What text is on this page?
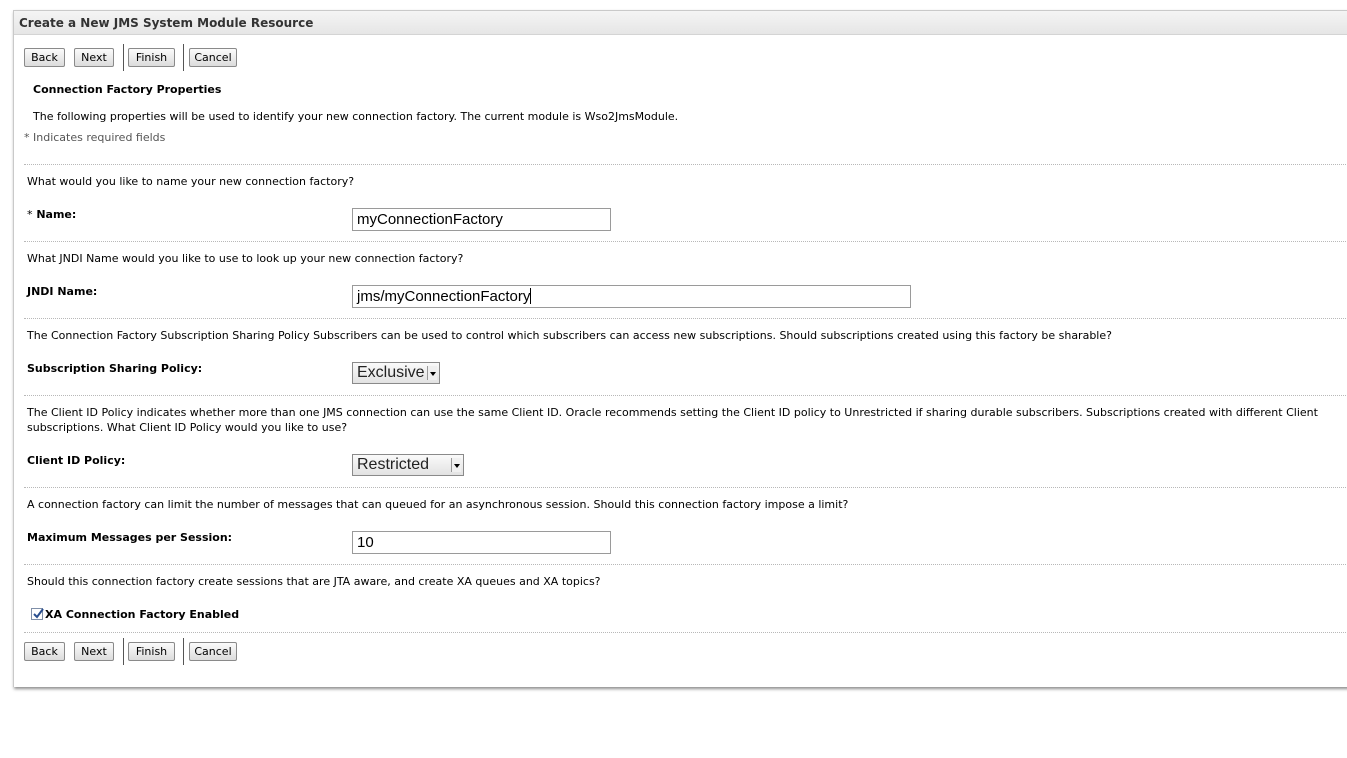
Create a New JMS System Module Resource
Back	Next	Finish	Cancel
Connection Factory Properties
The following properties will be used to identify your new connection factory. The current module is Wso2JmsModule.
* Indicates required fields
What would you like to name your new connection factory?
* Name:	myConnectionFactory
What JNDI Name would you like to use to look up your new connection factory?
JNDI Name:	jms/myConnectionFactory
The Connection Factory Subscription Sharing Policy Subscribers can be used to control which subscribers can access new subscriptions. Should subscriptions created using this factory be sharable?
Subscription Sharing Policy:	Exclusive
The Client ID Policy indicates whether more than one JMS connection can use the same Client ID. Oracle recommends setting the Client ID policy to Unrestricted if sharing durable subscribers. Subscriptions created with different Client
subscriptions. What Client ID Policy would you like to use?
Client ID Policy:	Restricted
A connection factory can limit the number of messages that can queued for an asynchronous session. Should this connection factory impose a limit?
Maximum Messages per Session:	10
Should this connection factory create sessions that are JTA aware, and create XA queues and XA topics?
XA Connection Factory Enabled
Back	Next	Finish	Cancel
